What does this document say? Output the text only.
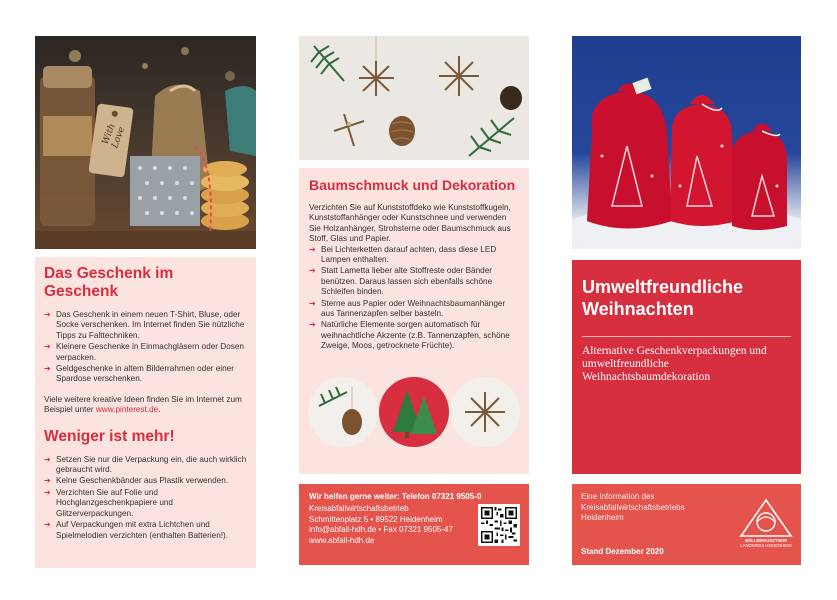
With Love
Das Geschenk im Geschenk
➔ Das Geschenk in einem neuen T-Shirt, Bluse, oder Socke verschenken. Im Internet finden Sie nützliche Tipps zu Falttechniken.
➔ Kleinere Geschenke in Einmachgläsern oder Dosen verpacken.
➔ Geldgeschenke in altem Bilderrahmen oder einer Spardose verschenken.

Viele weitere kreative Ideen finden Sie im Internet zum Beispiel unter www.pinterest.de.

Weniger ist mehr!
➔ Setzen Sie nur die Verpackung ein, die auch wirklich gebraucht wird.
➔ Keine Geschenkbänder aus Plastik verwenden.
➔ Verzichten Sie auf Folie und Hochglanzgeschenkpapiere und Glitzerverpackungen.
➔ Auf Verpackungen mit extra Lichtchen und Spielmelodien verzichten (enthalten Batterien!).
Baumschmuck und Dekoration

Verzichten Sie auf Kunststoffdeko wie Kunststoffkugeln, Kunststoffanhänger oder Kunstschnee und verwenden Sie Holzanhänger, Strohsterne oder Baumschmuck aus Stoff, Glas und Papier.

➔ Bei Lichterketten darauf achten, dass diese LED Lampen enthalten.
➔ Statt Lametta lieber alte Stoffreste oder Bänder benützen. Daraus lassen sich ebenfalls schöne Schleifen binden.
➔ Sterne aus Papier oder Weihnachtsbaumanhänger aus Tannenzapfen selber basteln.
➔ Natürliche Elemente sorgen automatisch für weihnachtliche Akzente (z.B. Tannenzapfen, schöne Zweige, Moos, getrocknete Früchte).
Wir helfen gerne weiter: Telefon 07321 9505-0
Kreisabfallwirtschaftsbetrieb
Schmittenplatz 5 • 89522 Heidenheim
info@abfall-hdh.de • Fax 07321 9505-47
www.abfall-hdh.de
Umweltfreundliche Weihnachten
Alternative Geschenkverpackungen und umweltfreundliche Weihnachtsbaumdekoration
Eine Information des
Kreisabfallwirtschaftsbetriebs
Heidenheim
Stand Dezember 2020
MÜLLBEWUSSTSEIN
LANDKREIS HEIDENHEIM
